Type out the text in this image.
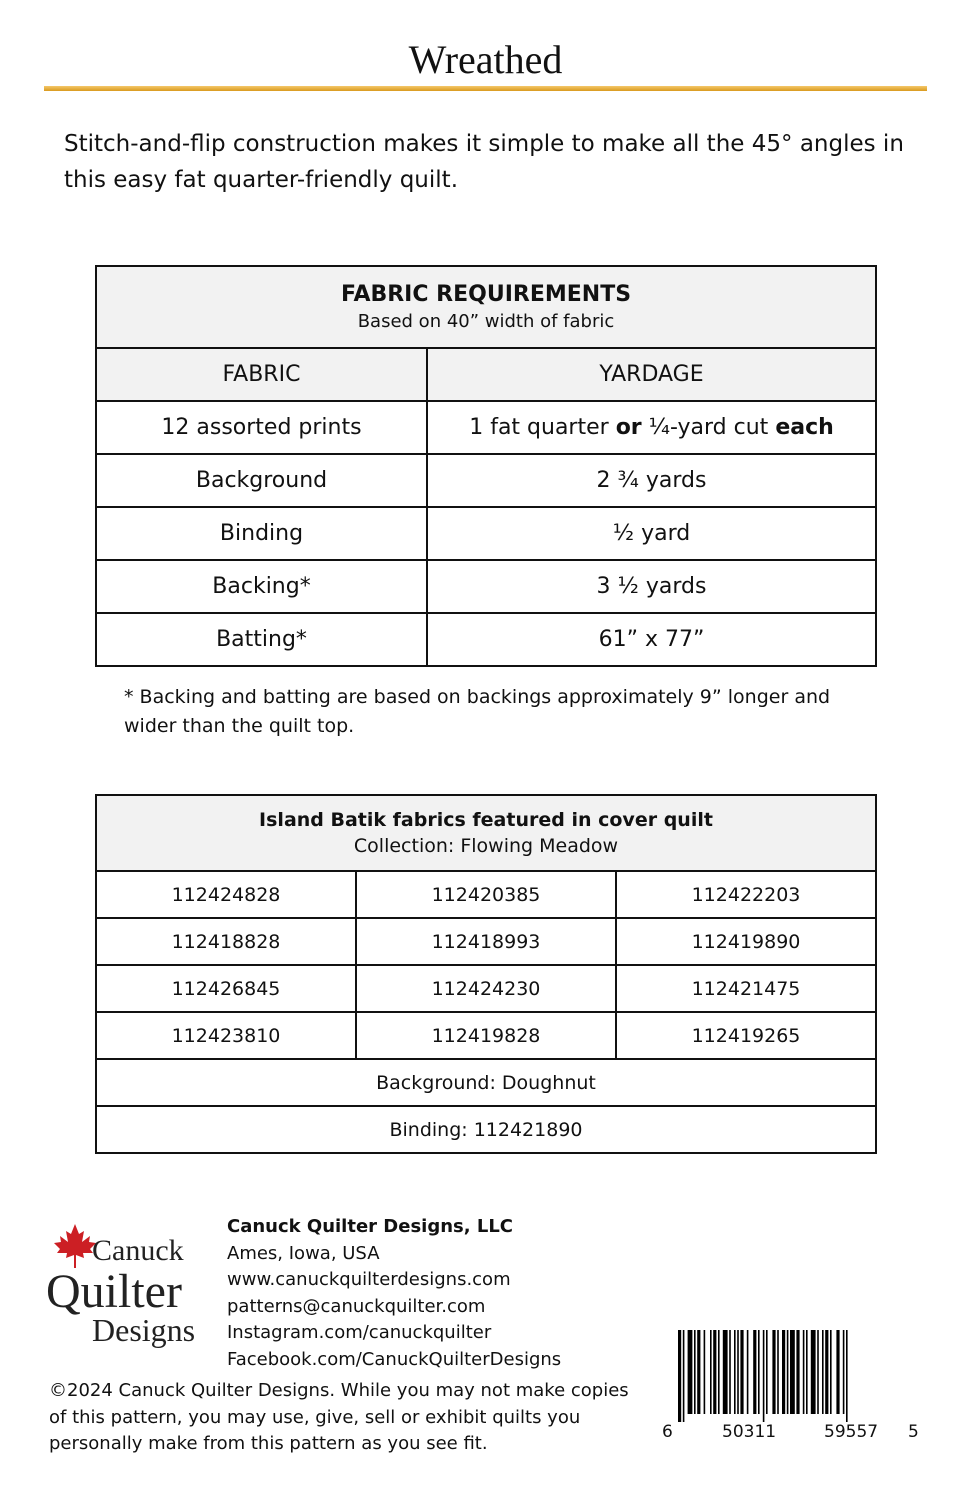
Wreathed
Stitch-and-flip construction makes it simple to make all the 45° angles in this easy fat quarter-friendly quilt.
FABRIC REQUIREMENTS
Based on 40” width of fabric	

FABRIC	YARDAGE
12 assorted prints	1 fat quarter or ¼-yard cut each
Background	2 ¾ yards
Binding	½ yard
Backing*	3 ½ yards
Batting*	61” x 77”
* Backing and batting are based on backings approximately 9” longer and wider than the quilt top.
Island Batik fabrics featured in cover quilt
Collection: Flowing Meadow		

112424828	112420385	112422203
112418828	112418993	112419890
112426845	112424230	112421475
112423810	112419828	112419265
Background: Doughnut		
Binding: 112421890		
Canuck
Quilter
Designs
Canuck Quilter Designs, LLC
Ames, Iowa, USA
www.canuckquilterdesigns.com
patterns@canuckquilter.com
Instagram.com/canuckquilter
Facebook.com/CanuckQuilterDesigns
©2024 Canuck Quilter Designs. While you may not make copies of this pattern, you may use, give, sell or exhibit quilts you personally make from this pattern as you see fit.
6	50311	59557 5
